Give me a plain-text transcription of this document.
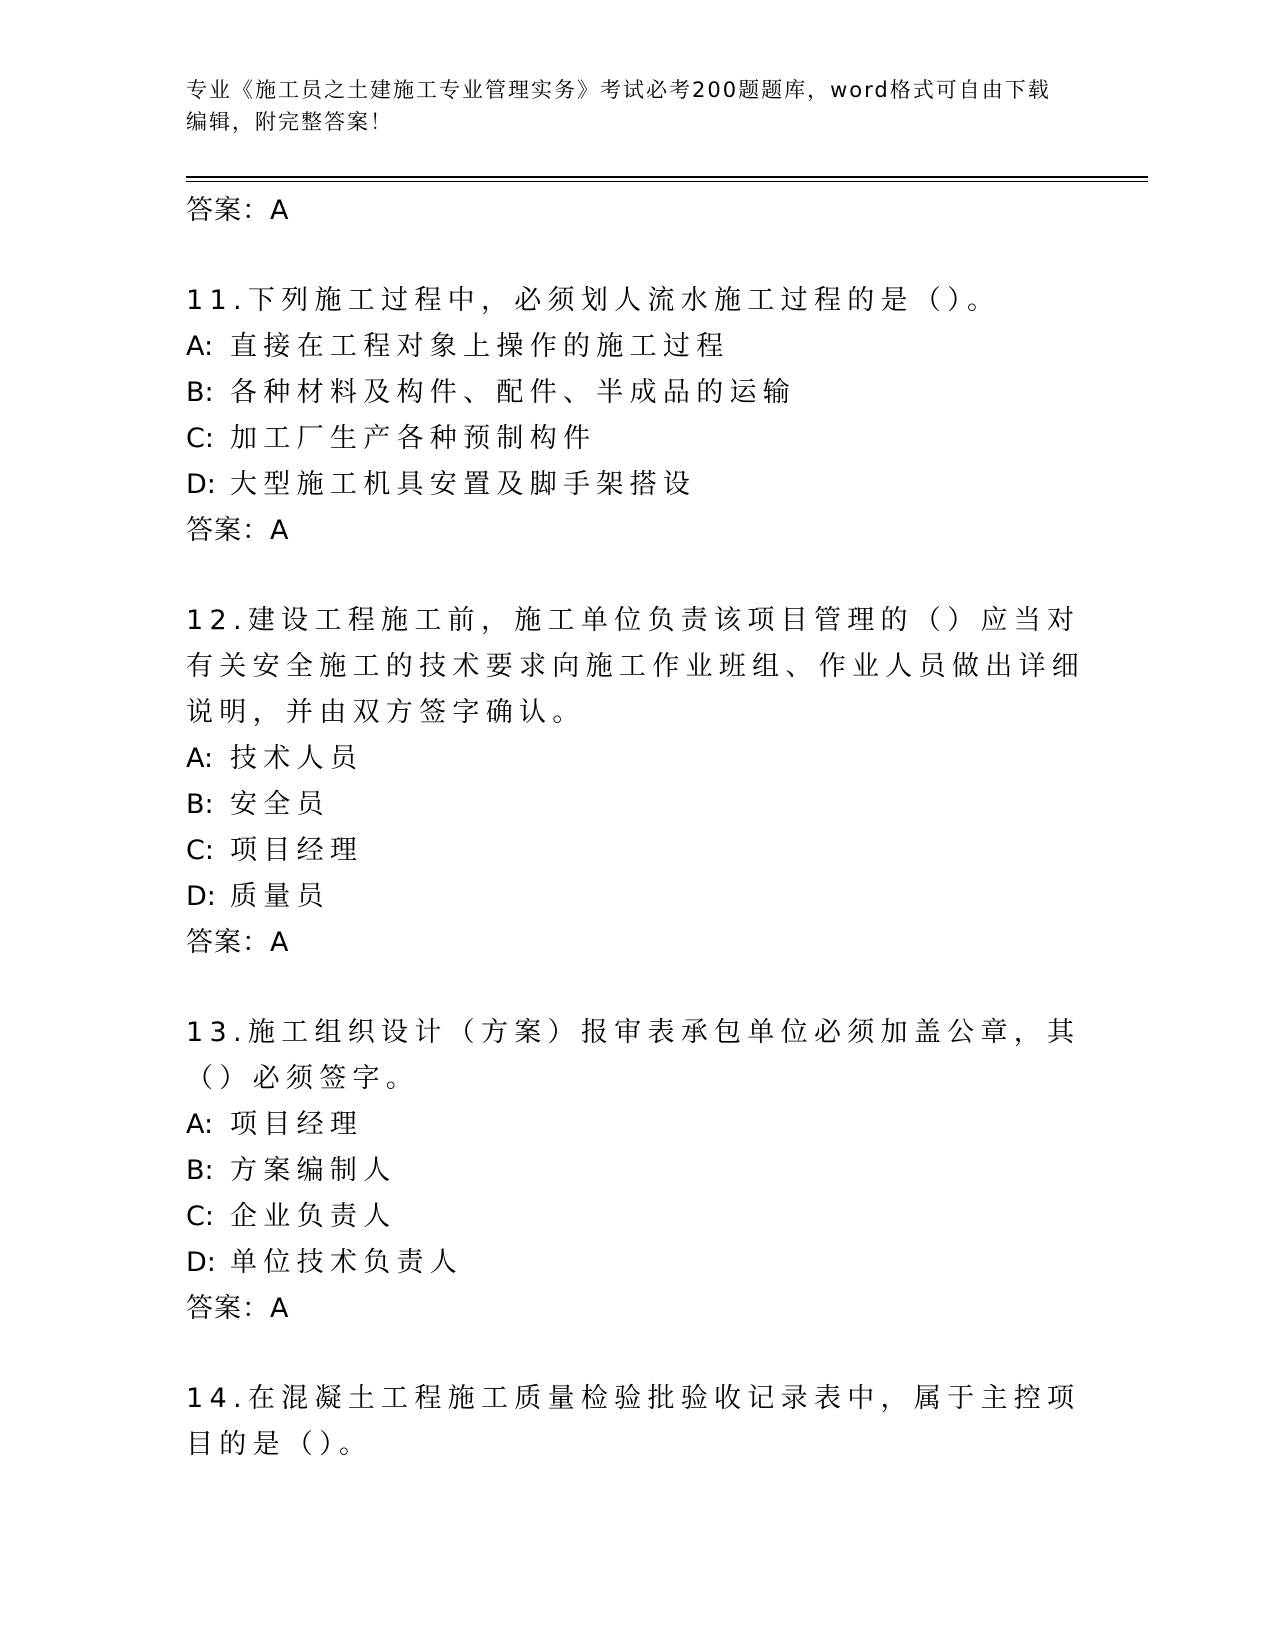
专业《施工员之土建施工专业管理实务》考试必考200题题库，word格式可自由下载编辑，附完整答案！
答案：A
11.下列施工过程中，必须划人流水施工过程的是（）。
A: 直接在工程对象上操作的施工过程
B: 各种材料及构件、配件、半成品的运输
C: 加工厂生产各种预制构件
D: 大型施工机具安置及脚手架搭设
答案：A
12.建设工程施工前，施工单位负责该项目管理的（）应当对有关安全施工的技术要求向施工作业班组、作业人员做出详细说明，并由双方签字确认。
A: 技术人员
B: 安全员
C: 项目经理
D: 质量员
答案：A
13.施工组织设计（方案）报审表承包单位必须加盖公章，其（）必须签字。
A: 项目经理
B: 方案编制人
C: 企业负责人
D: 单位技术负责人
答案：A
14.在混凝土工程施工质量检验批验收记录表中，属于主控项目的是（）。
